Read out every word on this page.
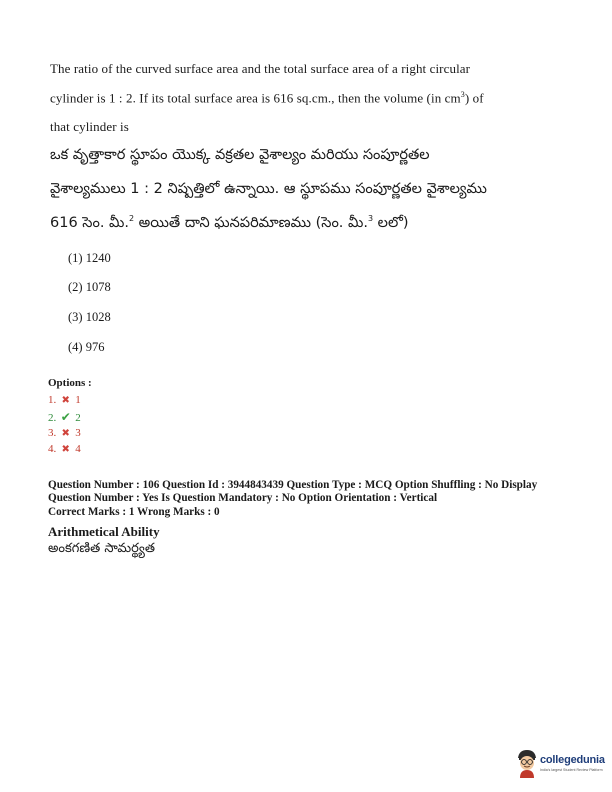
The ratio of the curved surface area and the total surface area of a right circular
cylinder is 1 : 2. If its total surface area is 616 sq.cm., then the volume (in $cm^3$) of
that cylinder is
ఒక వృత్తాకార స్థూపం యొక్క వక్రతల వైశాల్యం మరియు సంపూర్ణతల
వైశాల్యములు 1 : 2 నిష్పత్తిలో ఉన్నాయి. ఆ స్థూపము సంపూర్ణతల వైశాల్యము
616 సెం. మీ.$^2$ అయితే దాని ఘనపరిమాణము (సెం. మీ.$^3$ లలో)
(1) 1240
(2) 1078
(3) 1028
(4) 976
Options :
1. ✖ 1
2. ✔ 2
3. ✖ 3
4. ✖ 4
Question Number : 106 Question Id : 3944843439 Question Type : MCQ Option Shuffling : No Display
Question Number : Yes Is Question Mandatory : No Option Orientation : Vertical
Correct Marks : 1 Wrong Marks : 0
Arithmetical Ability
అంకగణిత సామర్థ్యత
collegedunia
India's largest Student Review Platform
